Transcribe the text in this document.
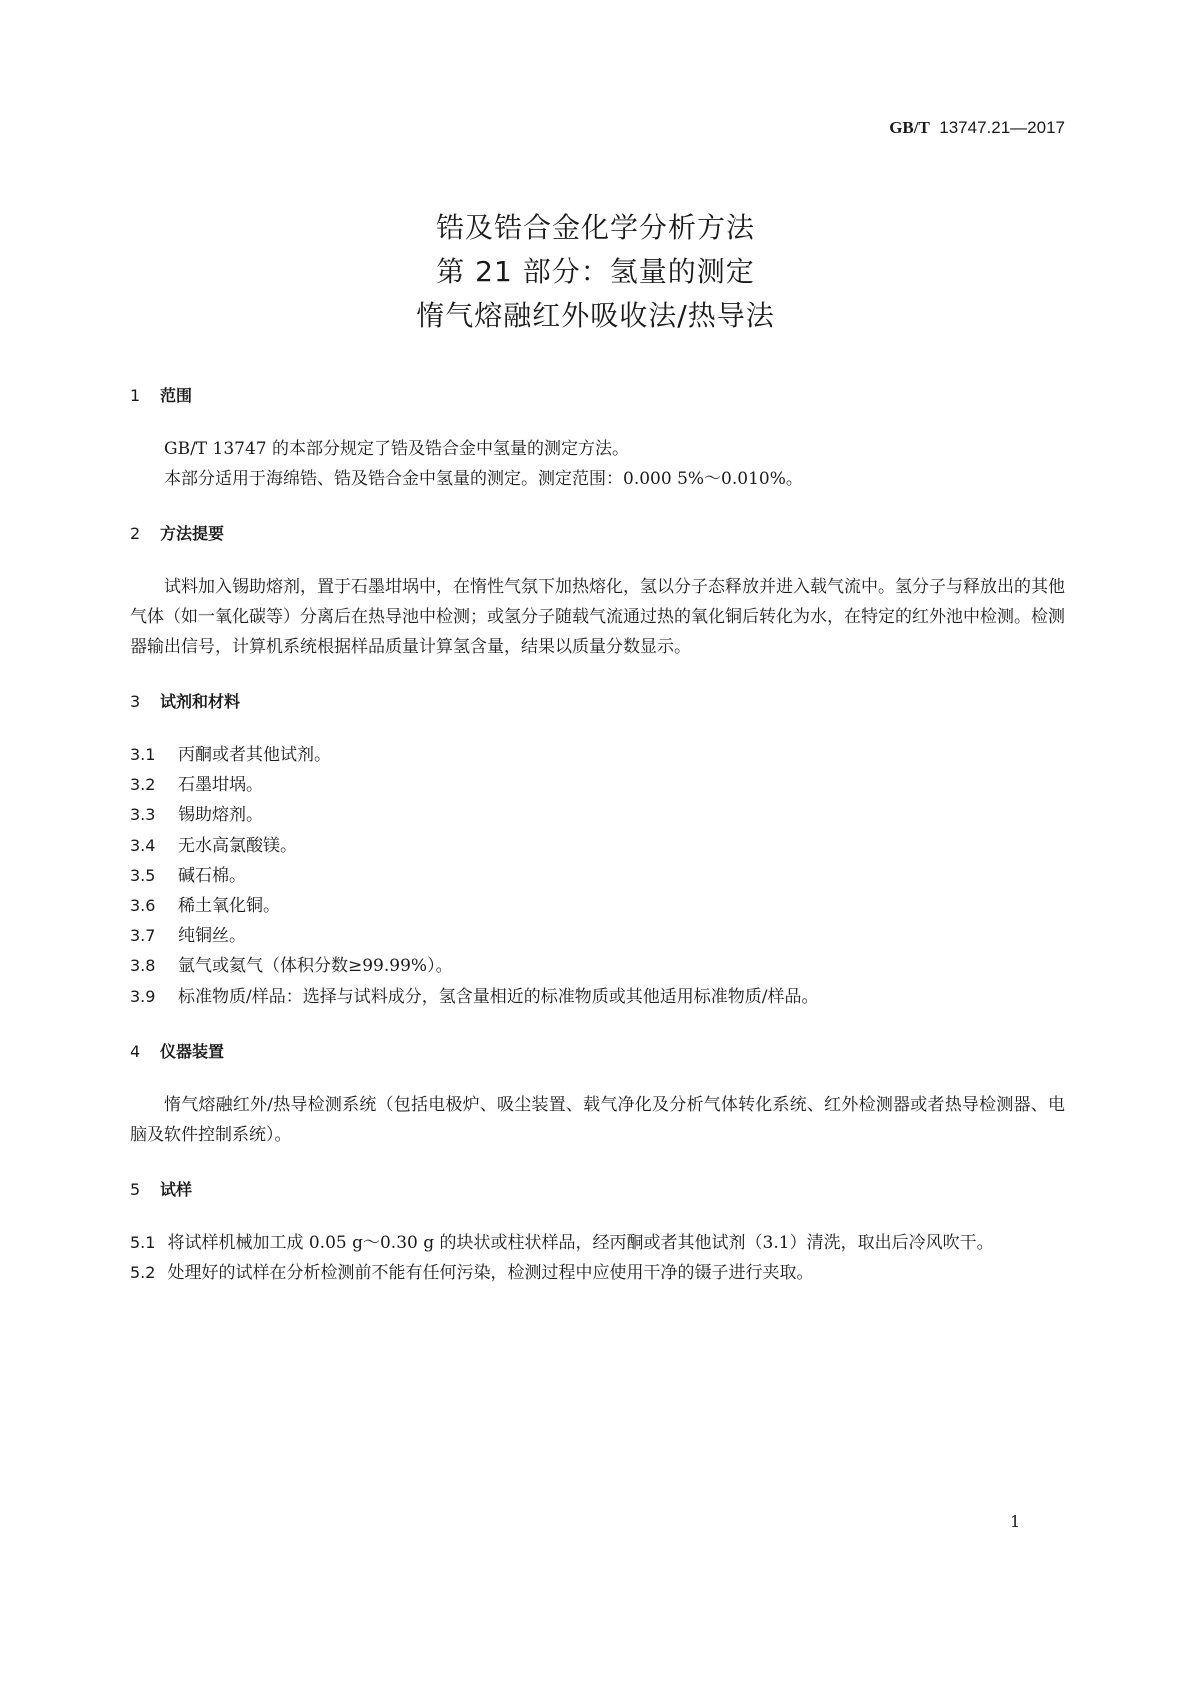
GB/T 13747.21—2017
锆及锆合金化学分析方法
第 21 部分：氢量的测定
惰气熔融红外吸收法/热导法
1 范围

GB/T 13747 的本部分规定了锆及锆合金中氢量的测定方法。

本部分适用于海绵锆、锆及锆合金中氢量的测定。测定范围：0.000 5%～0.010%。

2 方法提要

试料加入锡助熔剂，置于石墨坩埚中，在惰性气氛下加热熔化，氢以分子态释放并进入载气流中。氢分子与释放出的其他气体（如一氧化碳等）分离后在热导池中检测；或氢分子随载气流通过热的氧化铜后转化为水，在特定的红外池中检测。检测器输出信号，计算机系统根据样品质量计算氢含量，结果以质量分数显示。

3 试剂和材料
3.1 丙酮或者其他试剂。
3.2 石墨坩埚。
3.3 锡助熔剂。
3.4 无水高氯酸镁。
3.5 碱石棉。
3.6 稀土氧化铜。
3.7 纯铜丝。
3.8 氩气或氦气（体积分数≥99.99%）。
3.9 标准物质/样品：选择与试料成分，氢含量相近的标准物质或其他适用标准物质/样品。
4 仪器装置

惰气熔融红外/热导检测系统（包括电极炉、吸尘装置、载气净化及分析气体转化系统、红外检测器或者热导检测器、电脑及软件控制系统）。

5 试样
5.1 将试样机械加工成 0.05 g～0.30 g 的块状或柱状样品，经丙酮或者其他试剂（3.1）清洗，取出后冷风吹干。
5.2 处理好的试样在分析检测前不能有任何污染，检测过程中应使用干净的镊子进行夹取。
1
